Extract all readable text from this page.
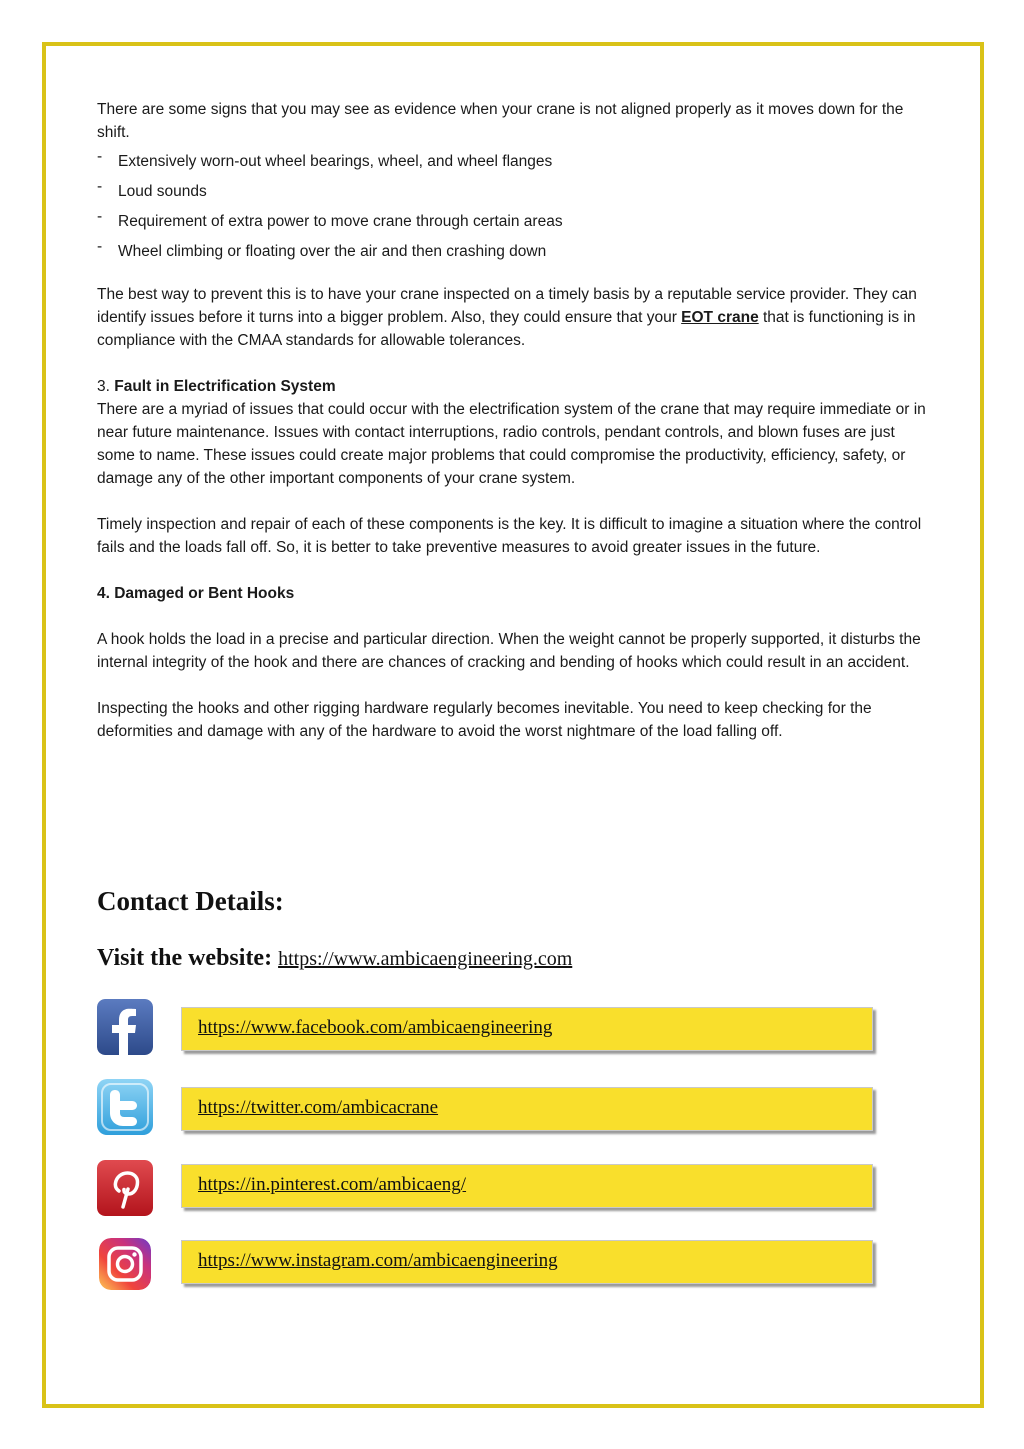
There are some signs that you may see as evidence when your crane is not aligned properly as it moves down for the shift.

- Extensively worn-out wheel bearings, wheel, and wheel flanges
- Loud sounds
- Requirement of extra power to move crane through certain areas
- Wheel climbing or floating over the air and then crashing down

The best way to prevent this is to have your crane inspected on a timely basis by a reputable service provider. They can identify issues before it turns into a bigger problem. Also, they could ensure that your EOT crane that is functioning is in compliance with the CMAA standards for allowable tolerances.

3. Fault in Electrification System

There are a myriad of issues that could occur with the electrification system of the crane that may require immediate or in near future maintenance. Issues with contact interruptions, radio controls, pendant controls, and blown fuses are just some to name. These issues could create major problems that could compromise the productivity, efficiency, safety, or damage any of the other important components of your crane system.

Timely inspection and repair of each of these components is the key. It is difficult to imagine a situation where the control fails and the loads fall off. So, it is better to take preventive measures to avoid greater issues in the future.

4. Damaged or Bent Hooks

A hook holds the load in a precise and particular direction. When the weight cannot be properly supported, it disturbs the internal integrity of the hook and there are chances of cracking and bending of hooks which could result in an accident.

Inspecting the hooks and other rigging hardware regularly becomes inevitable. You need to keep checking for the deformities and damage with any of the hardware to avoid the worst nightmare of the load falling off.

Contact Details:
Visit the website: https://www.ambicaengineering.com
https://www.facebook.com/ambicaengineering
https://twitter.com/ambicacrane
https://in.pinterest.com/ambicaeng/
https://www.instagram.com/ambicaengineering
